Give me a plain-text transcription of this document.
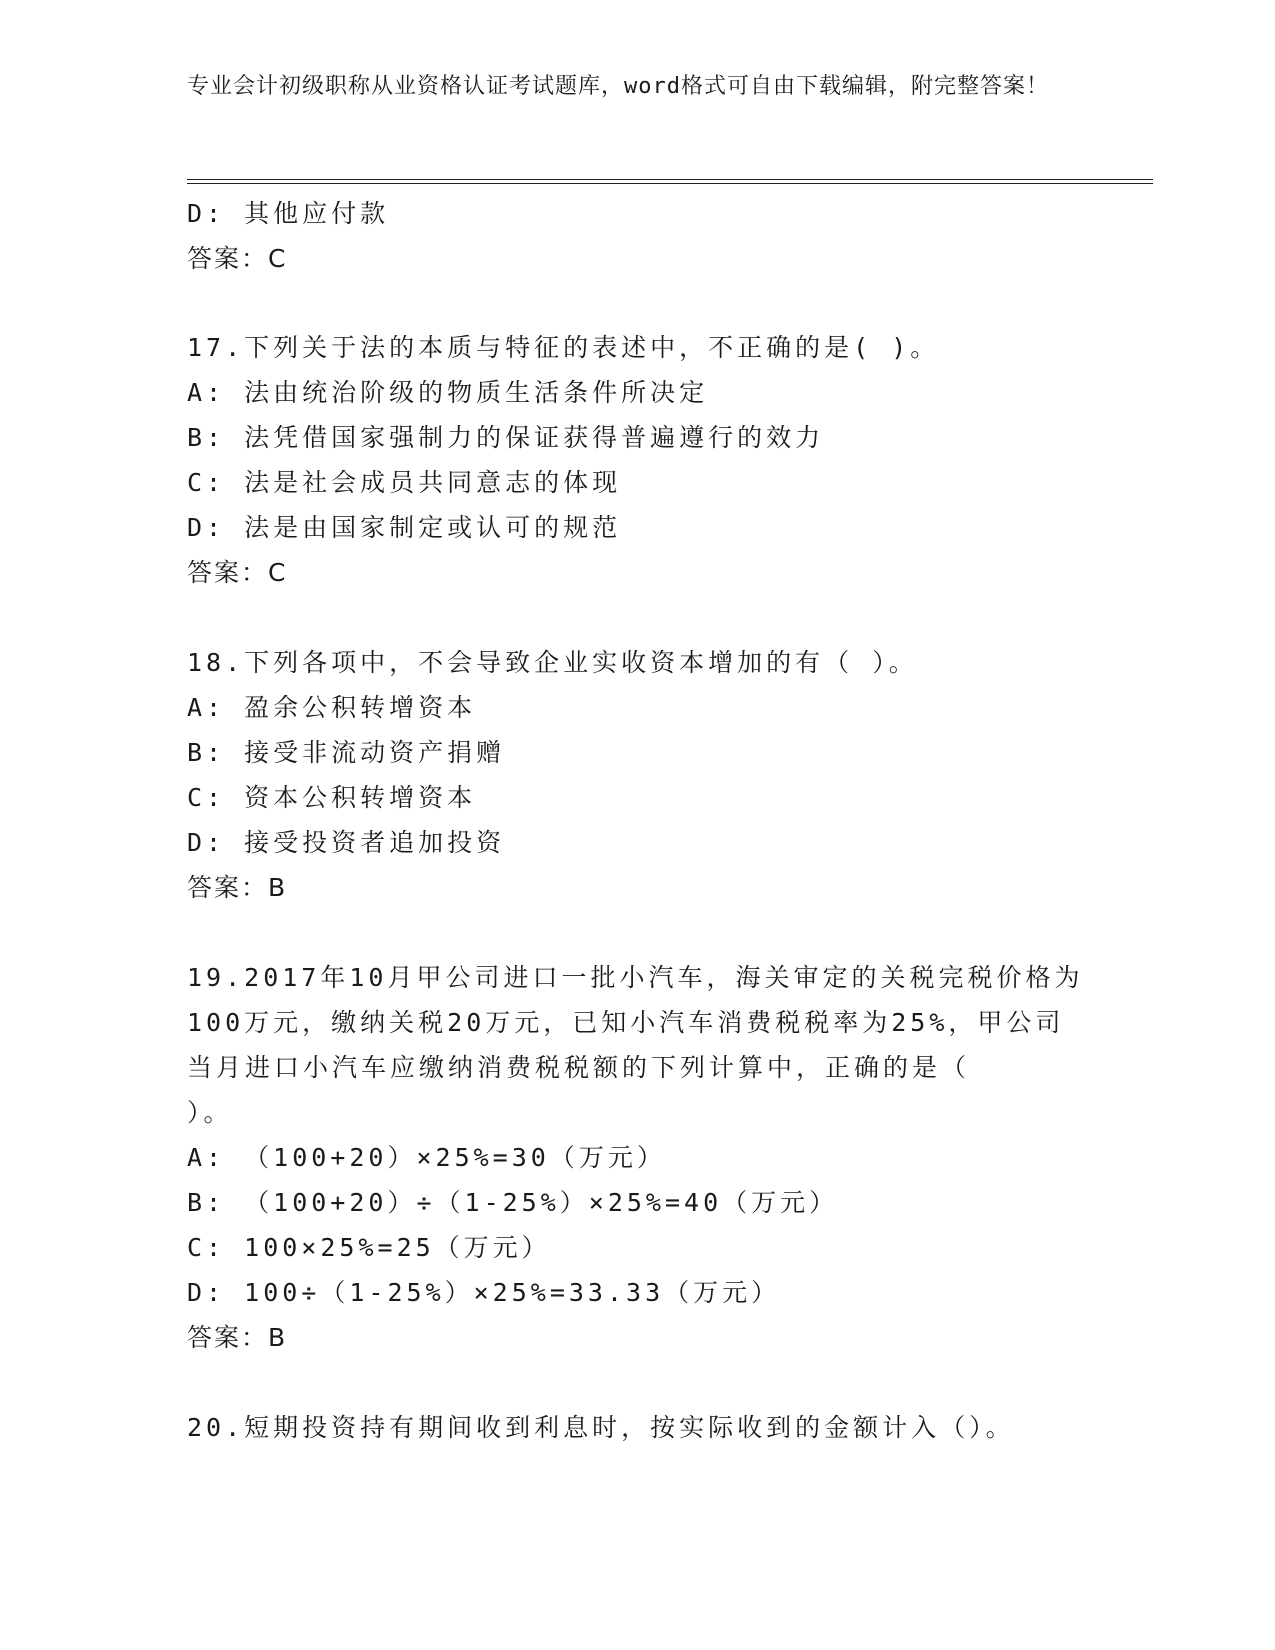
专业会计初级职称从业资格认证考试题库，word格式可自由下载编辑，附完整答案！
D: 其他应付款
答案：C
17.下列关于法的本质与特征的表述中，不正确的是( )。
A: 法由统治阶级的物质生活条件所决定
B: 法凭借国家强制力的保证获得普遍遵行的效力
C: 法是社会成员共同意志的体现
D: 法是由国家制定或认可的规范
答案：C
18.下列各项中，不会导致企业实收资本增加的有（ ）。
A: 盈余公积转增资本
B: 接受非流动资产捐赠
C: 资本公积转增资本
D: 接受投资者追加投资
答案：B
19.2017年10月甲公司进口一批小汽车，海关审定的关税完税价格为
100万元，缴纳关税20万元，已知小汽车消费税税率为25%，甲公司
当月进口小汽车应缴纳消费税税额的下列计算中，正确的是（
）。
A: （100+20）×25%=30（万元）
B: （100+20）÷（1-25%）×25%=40（万元）
C: 100×25%=25（万元）
D: 100÷（1-25%）×25%=33.33（万元）
答案：B
20.短期投资持有期间收到利息时，按实际收到的金额计入（）。
